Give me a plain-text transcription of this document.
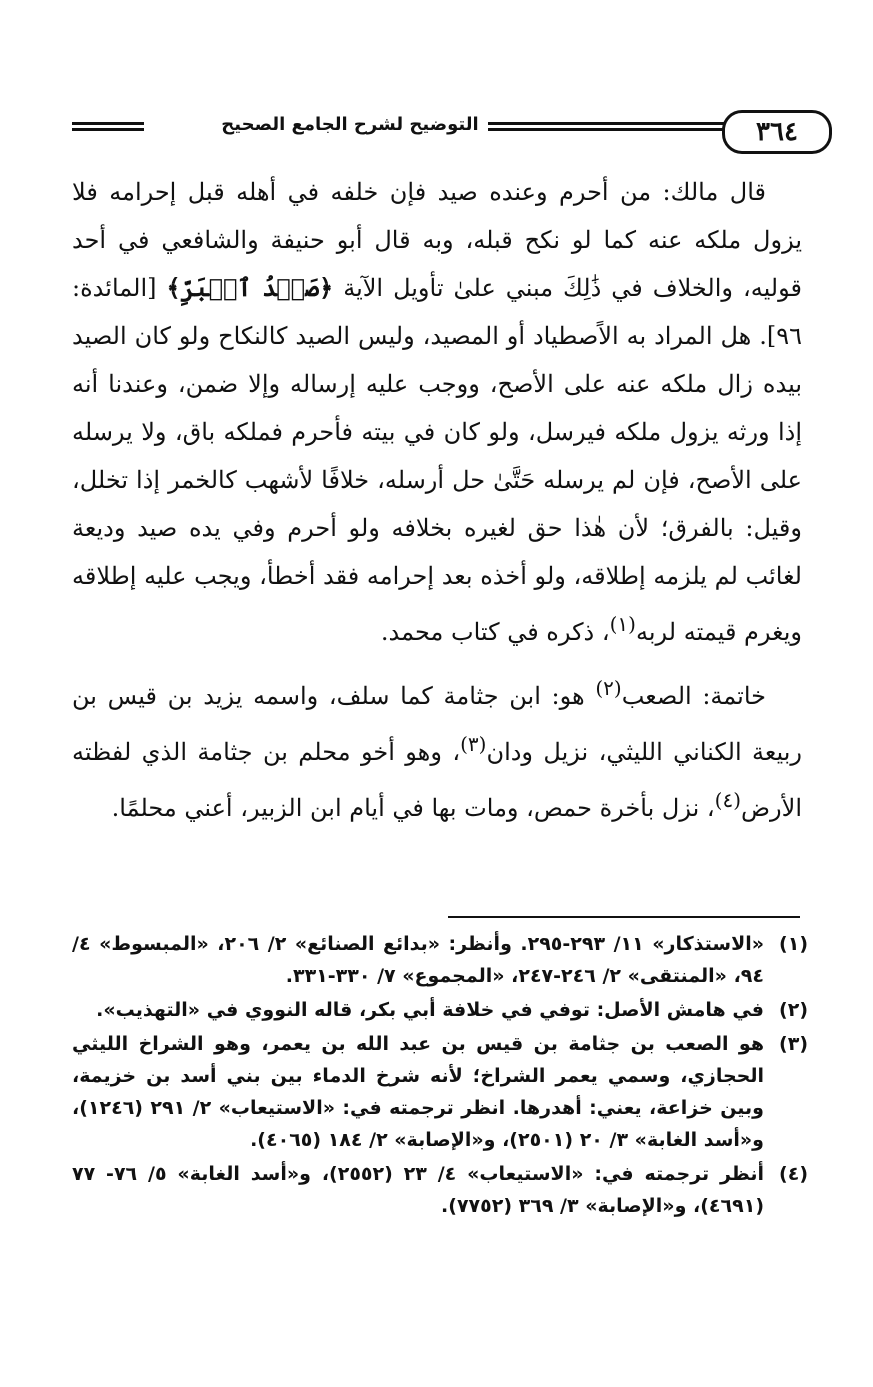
التوضيح لشرح الجامع الصحيح	٣٦٤

قال مالك: من أحرم وعنده صيد فإن خلفه في أهله قبل إحرامه فلا يزول ملكه عنه كما لو نكح قبله، وبه قال أبو حنيفة والشافعي في أحد قوليه، والخلاف في ذَٰلِكَ مبني علىٰ تأويل الآية ﴿صَيۡدُ ٱلۡبَرِّ﴾ [المائدة: ٩٦]. هل المراد به الاًصطياد أو المصيد، وليس الصيد كالنكاح ولو كان الصيد بيده زال ملكه عنه على الأصح، ووجب عليه إرساله وإلا ضمن، وعندنا أنه إذا ورثه يزول ملكه فيرسل، ولو كان في بيته فأحرم فملكه باق، ولا يرسله على الأصح، فإن لم يرسله حَتَّىٰ حل أرسله، خلافًا لأشهب كالخمر إذا تخلل، وقيل: بالفرق؛ لأن هٰذا حق لغيره بخلافه ولو أحرم وفي يده صيد وديعة لغائب لم يلزمه إطلاقه، ولو أخذه بعد إحرامه فقد أخطأ، ويجب عليه إطلاقه ويغرم قيمته لربه$^{(١)}$، ذكره في كتاب محمد.

خاتمة: الصعب$^{(٢)}$ هو: ابن جثامة كما سلف، واسمه يزيد بن قيس بن ربيعة الكناني الليثي، نزيل ودان$^{(٣)}$، وهو أخو محلم بن جثامة الذي لفظته الأرض$^{(٤)}$، نزل بأخرة حمص، ومات بها في أيام ابن الزبير، أعني محلمًا.

(١)
«الاستذكار» ١١/ ٢٩٣-٢٩٥. وأنظر: «بدائع الصنائع» ٢/ ٢٠٦، «المبسوط» ٤/ ٩٤، «المنتقى» ٢/ ٢٤٦-٢٤٧، «المجموع» ٧/ ٣٣٠-٣٣١.
(٢)
في هامش الأصل: توفي في خلافة أبي بكر، قاله النووي في «التهذيب».
(٣)
هو الصعب بن جثامة بن قيس بن عبد الله بن يعمر، وهو الشراخ الليثي الحجازي، وسمي يعمر الشراخ؛ لأنه شرخ الدماء بين بني أسد بن خزيمة، وبين خزاعة، يعني: أهدرها. انظر ترجمته في: «الاستيعاب» ٢/ ٢٩١ (١٢٤٦)، و«أسد الغابة» ٣/ ٢٠ (٢٥٠١)، و«الإصابة» ٢/ ١٨٤ (٤٠٦٥).
(٤)
أنظر ترجمته في: «الاستيعاب» ٤/ ٢٣ (٢٥٥٢)، و«أسد الغابة» ٥/ ٧٦- ٧٧ (٤٦٩١)، و«الإصابة» ٣/ ٣٦٩ (٧٧٥٢).
